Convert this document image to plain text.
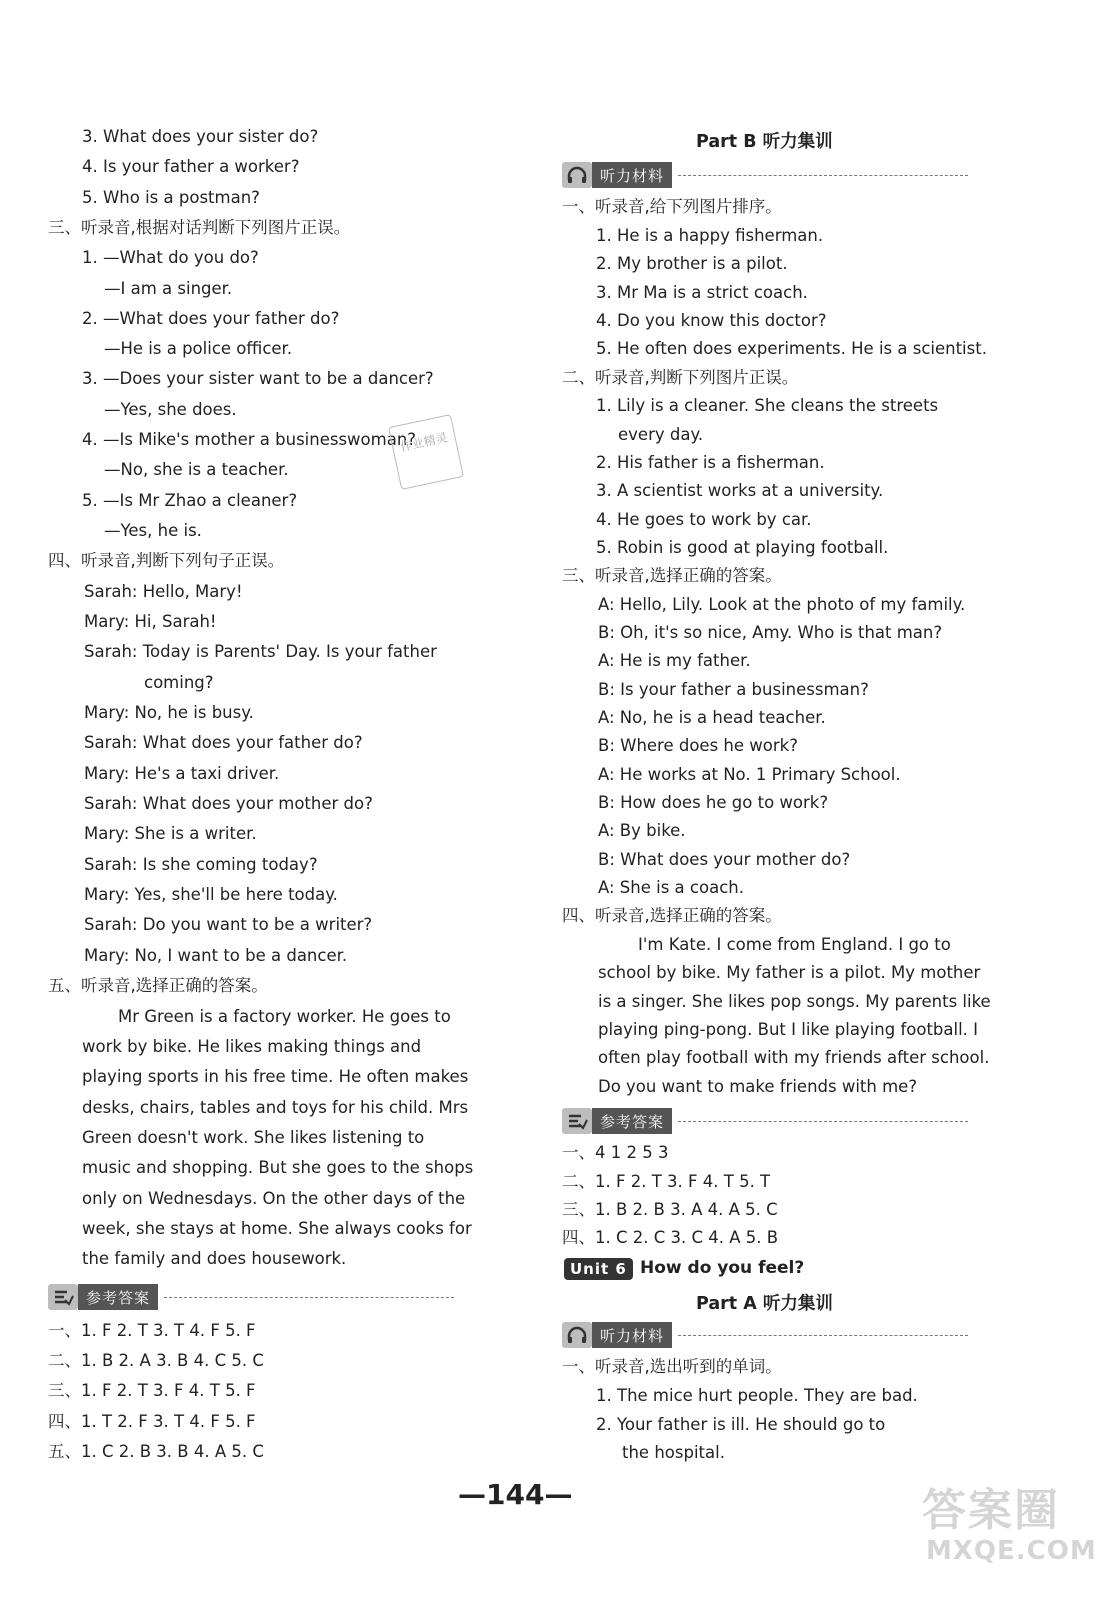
3. What does your sister do?
4. Is your father a worker?
5. Who is a postman?
三、听录音,根据对话判断下列图片正误。
1. —What do you do?
—I am a singer.
2. —What does your father do?
—He is a police officer.
3. —Does your sister want to be a dancer?
—Yes, she does.
4. —Is Mike's mother a businesswoman?
—No, she is a teacher.
5. —Is Mr Zhao a cleaner?
—Yes, he is.
四、听录音,判断下列句子正误。
Sarah: Hello, Mary!
Mary: Hi, Sarah!
Sarah: Today is Parents' Day. Is your father
coming?
Mary: No, he is busy.
Sarah: What does your father do?
Mary: He's a taxi driver.
Sarah: What does your mother do?
Mary: She is a writer.
Sarah: Is she coming today?
Mary: Yes, she'll be here today.
Sarah: Do you want to be a writer?
Mary: No, I want to be a dancer.
五、听录音,选择正确的答案。
Mr Green is a factory worker. He goes to
work by bike. He likes making things and
playing sports in his free time. He often makes
desks, chairs, tables and toys for his child. Mrs
Green doesn't work. She likes listening to
music and shopping. But she goes to the shops
only on Wednesdays. On the other days of the
week, she stays at home. She always cooks for
the family and does housework.
一、1. F 2. T 3. T 4. F 5. F
二、1. B 2. A 3. B 4. C 5. C
三、1. F 2. T 3. F 4. T 5. F
四、1. T 2. F 3. T 4. F 5. F
五、1. C 2. B 3. B 4. A 5. C
Part B 听力集训
一、听录音,给下列图片排序。
1. He is a happy fisherman.
2. My brother is a pilot.
3. Mr Ma is a strict coach.
4. Do you know this doctor?
5. He often does experiments. He is a scientist.
二、听录音,判断下列图片正误。
1. Lily is a cleaner. She cleans the streets
every day.
2. His father is a fisherman.
3. A scientist works at a university.
4. He goes to work by car.
5. Robin is good at playing football.
三、听录音,选择正确的答案。
A: Hello, Lily. Look at the photo of my family.
B: Oh, it's so nice, Amy. Who is that man?
A: He is my father.
B: Is your father a businessman?
A: No, he is a head teacher.
B: Where does he work?
A: He works at No. 1 Primary School.
B: How does he go to work?
A: By bike.
B: What does your mother do?
A: She is a coach.
四、听录音,选择正确的答案。
I'm Kate. I come from England. I go to
school by bike. My father is a pilot. My mother
is a singer. She likes pop songs. My parents like
playing ping-pong. But I like playing football. I
often play football with my friends after school.
Do you want to make friends with me?
一、4 1 2 5 3
二、1. F 2. T 3. F 4. T 5. T
三、1. B 2. B 3. A 4. A 5. C
四、1. C 2. C 3. C 4. A 5. B
一、听录音,选出听到的单词。
1. The mice hurt people. They are bad.
2. Your father is ill. He should go to
the hospital.
听力材料
参考答案
Unit 6 How do you feel?
Part A 听力集训
听力材料
参考答案
作业精灵
—144—	答案圈
MXQE.COM
